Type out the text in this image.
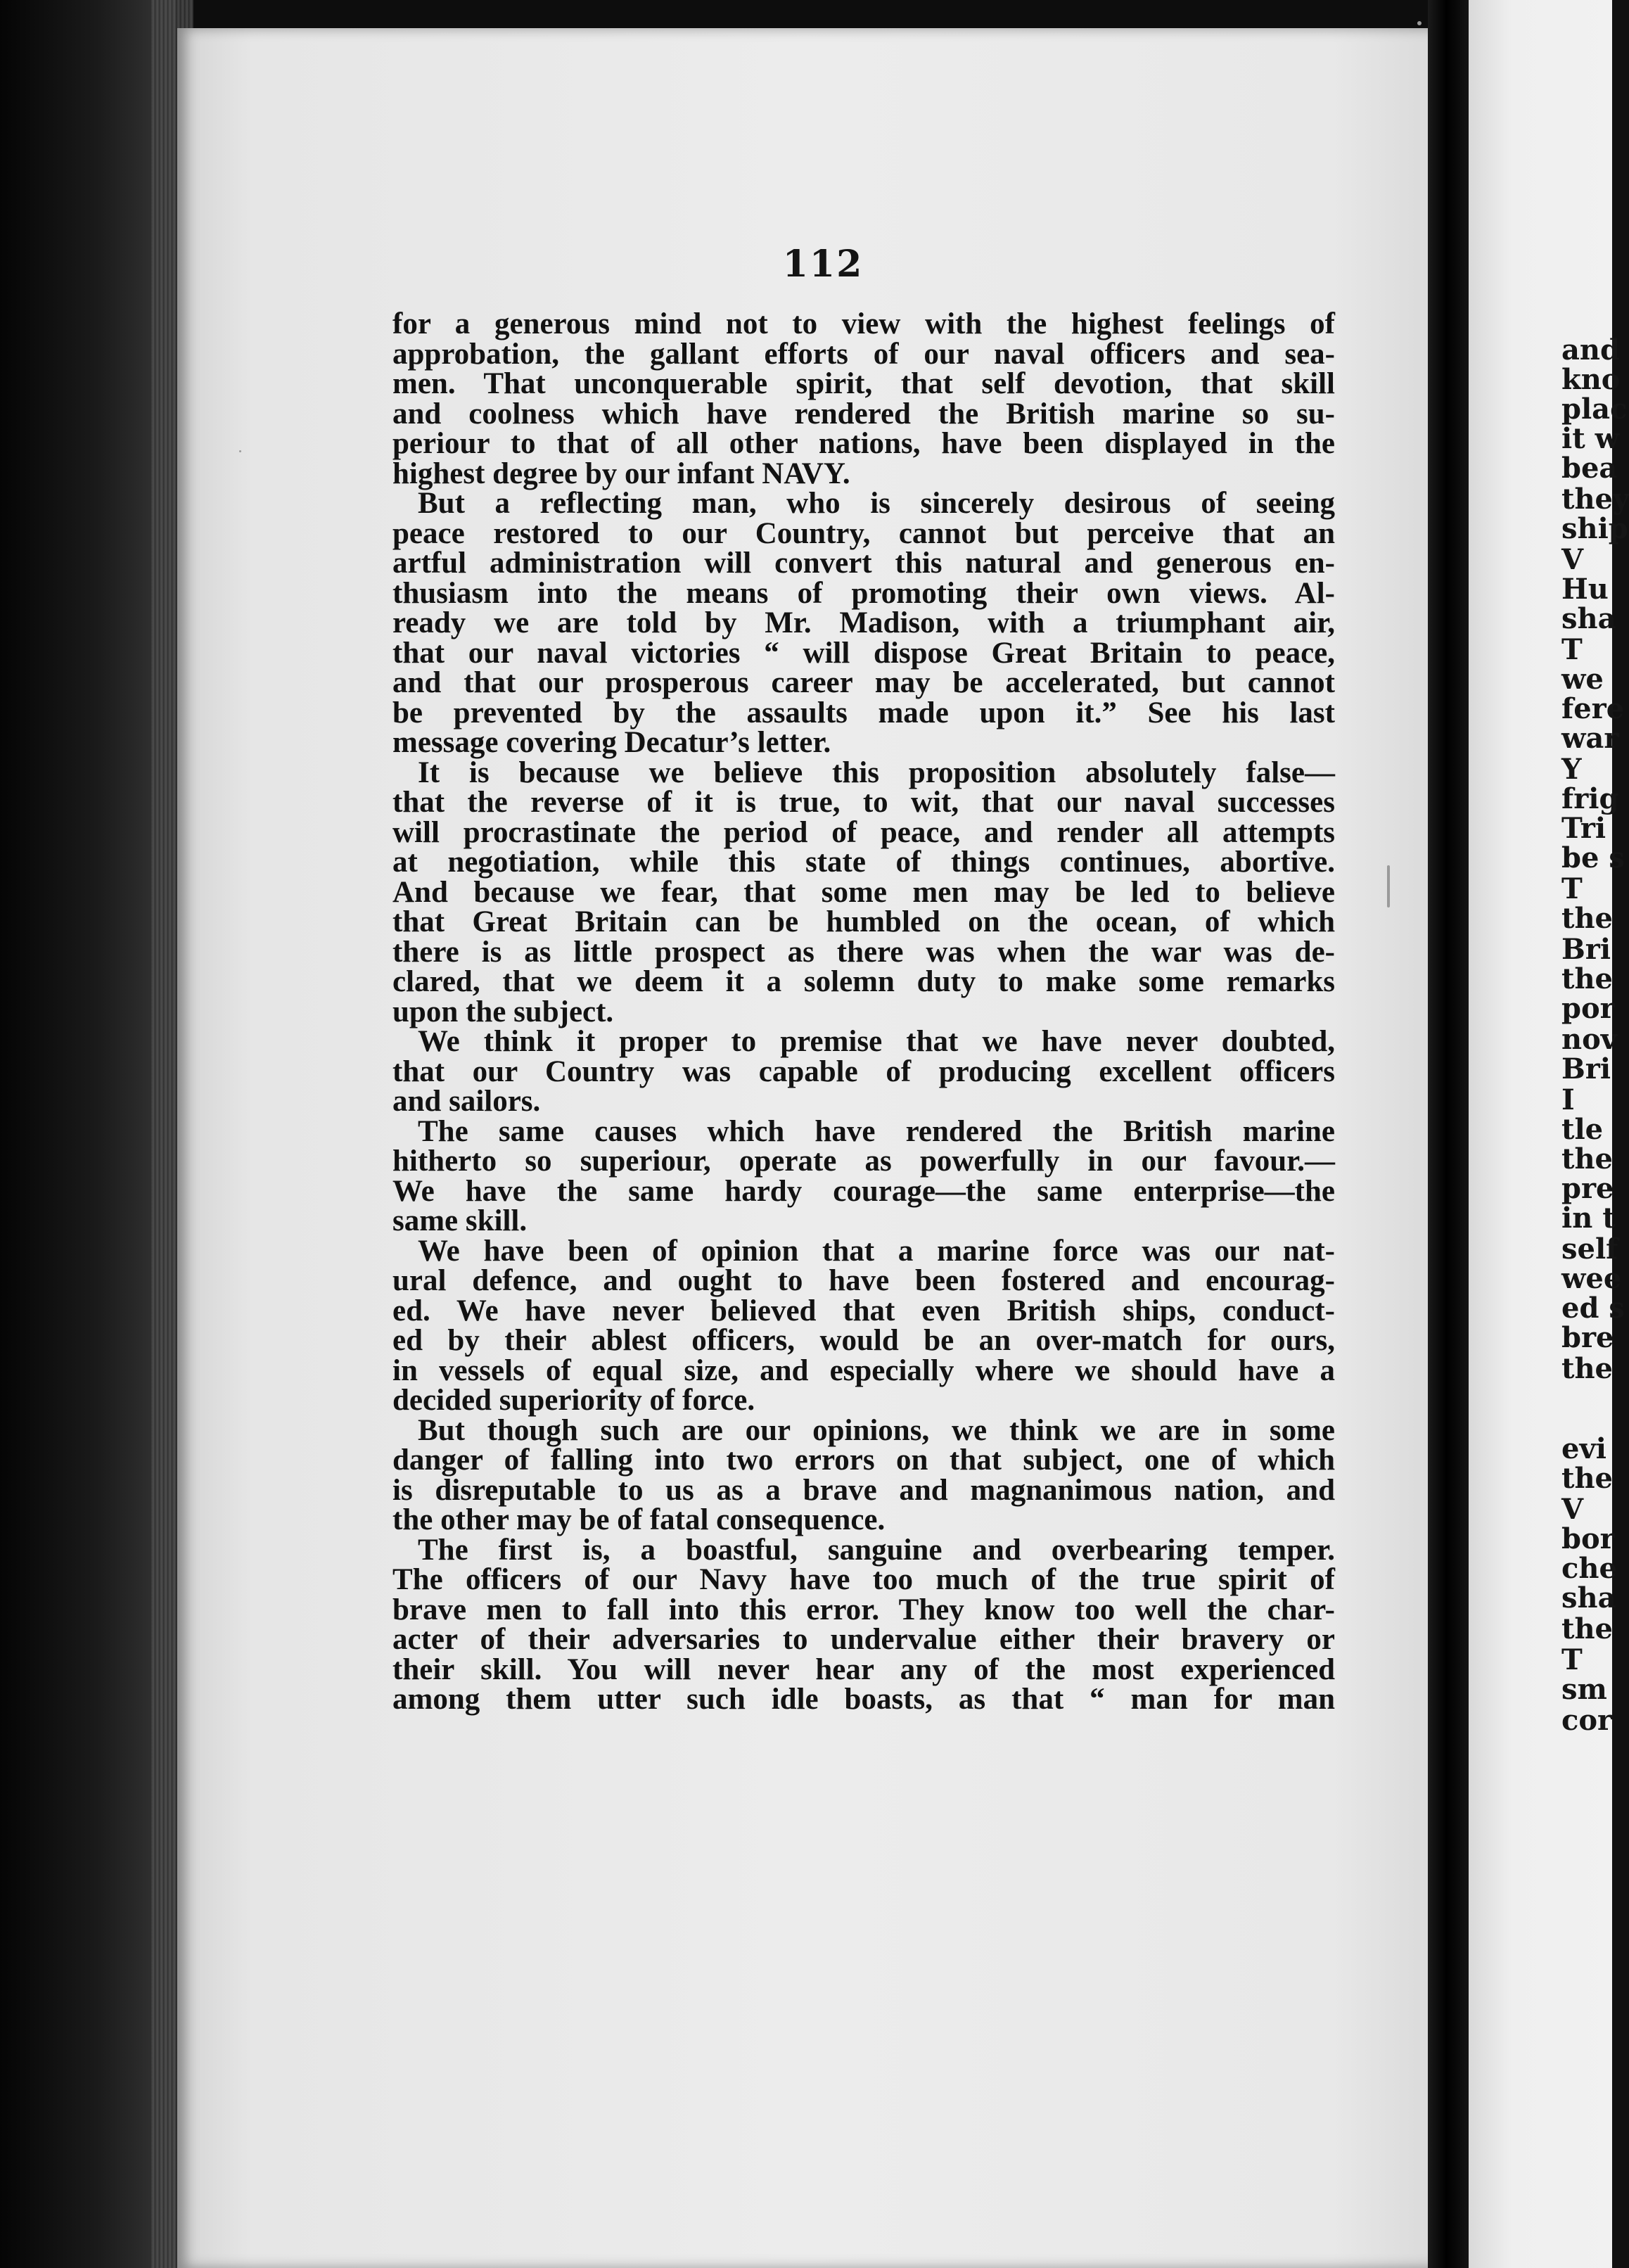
112
for a generous mind not to view with the highest feelings of
approbation, the gallant efforts of our naval officers and sea-
men. That unconquerable spirit, that self devotion, that skill
and coolness which have rendered the British marine so su-
periour to that of all other nations, have been displayed in the
highest degree by our infant NAVY.
But a reflecting man, who is sincerely desirous of seeing
peace restored to our Country, cannot but perceive that an
artful administration will convert this natural and generous en-
thusiasm into the means of promoting their own views. Al-
ready we are told by Mr. Madison, with a triumphant air,
that our naval victories “ will dispose Great Britain to peace,
and that our prosperous career may be accelerated, but cannot
be prevented by the assaults made upon it.” See his last
message covering Decatur’s letter.
It is because we believe this proposition absolutely false—
that the reverse of it is true, to wit, that our naval successes
will procrastinate the period of peace, and render all attempts
at negotiation, while this state of things continues, abortive.
And because we fear, that some men may be led to believe
that Great Britain can be humbled on the ocean, of which
there is as little prospect as there was when the war was de-
clared, that we deem it a solemn duty to make some remarks
upon the subject.
We think it proper to premise that we have never doubted,
that our Country was capable of producing excellent officers
and sailors.
The same causes which have rendered the British marine
hitherto so superiour, operate as powerfully in our favour.—
We have the same hardy courage—the same enterprise—the
same skill.
We have been of opinion that a marine force was our nat-
ural defence, and ought to have been fostered and encourag-
ed. We have never believed that even British ships, conduct-
ed by their ablest officers, would be an over-match for ours,
in vessels of equal size, and especially where we should have a
decided superiority of force.
But though such are our opinions, we think we are in some
danger of falling into two errors on that subject, one of which
is disreputable to us as a brave and magnanimous nation, and
the other may be of fatal consequence.
The first is, a boastful, sanguine and overbearing temper.
The officers of our Navy have too much of the true spirit of
brave men to fall into this error. They know too well the char-
acter of their adversaries to undervalue either their bravery or
their skill. You will never hear any of the most experienced
among them utter such idle boasts, as that “ man for man
and
kno
plac
it w
bea
they
ship
V
Hu
sha
T
we
fere
war
Y
frig
Tri
be s
T
the
Bri
the
por
nov
Bri
I
tle
the
pre
in t
self
wee
ed s
bre
the
evi
the
V
bor
che
sha
the
T
sm
cor
